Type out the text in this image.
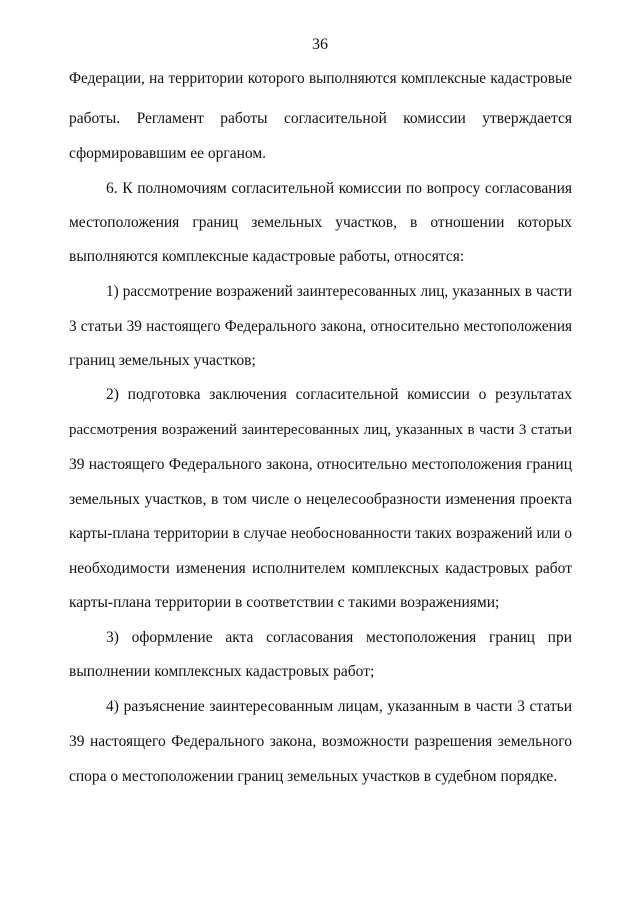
36
Федерации, на территории которого выполняются комплексные кадастровые
работы. Регламент работы согласительной комиссии утверждается
сформировавшим ее органом.
6. К полномочиям согласительной комиссии по вопросу согласования
местоположения границ земельных участков, в отношении которых
выполняются комплексные кадастровые работы, относятся:
1) рассмотрение возражений заинтересованных лиц, указанных в части
3 статьи 39 настоящего Федерального закона, относительно местоположения
границ земельных участков;
2) подготовка заключения согласительной комиссии о результатах
рассмотрения возражений заинтересованных лиц, указанных в части 3 статьи
39 настоящего Федерального закона, относительно местоположения границ
земельных участков, в том числе о нецелесообразности изменения проекта
карты-плана территории в случае необоснованности таких возражений или о
необходимости изменения исполнителем комплексных кадастровых работ
карты-плана территории в соответствии с такими возражениями;
3) оформление акта согласования местоположения границ при
выполнении комплексных кадастровых работ;
4) разъяснение заинтересованным лицам, указанным в части 3 статьи
39 настоящего Федерального закона, возможности разрешения земельного
спора о местоположении границ земельных участков в судебном порядке.
